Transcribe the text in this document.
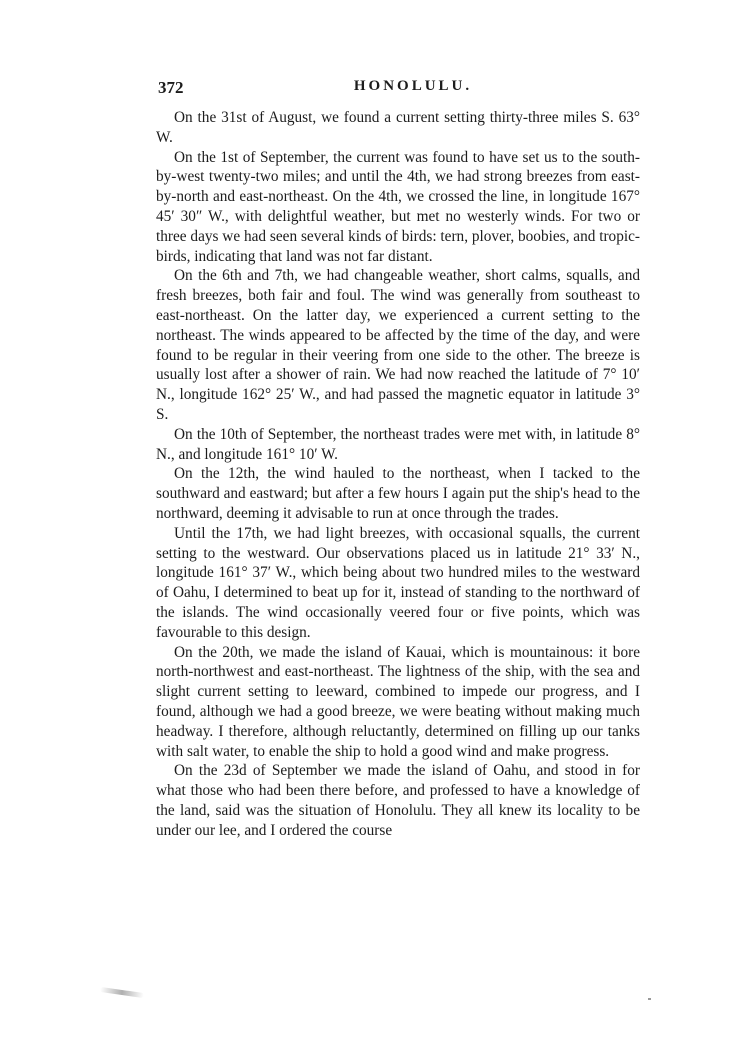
372	HONOLULU.

On the 31st of August, we found a current setting thirty-three miles S. 63° W.

On the 1st of September, the current was found to have set us to the south-by-west twenty-two miles; and until the 4th, we had strong breezes from east-by-north and east-northeast. On the 4th, we crossed the line, in longitude 167° 45′ 30″ W., with delightful weather, but met no westerly winds. For two or three days we had seen several kinds of birds: tern, plover, boobies, and tropic-birds, indicating that land was not far distant.

On the 6th and 7th, we had changeable weather, short calms, squalls, and fresh breezes, both fair and foul. The wind was generally from southeast to east-northeast. On the latter day, we experienced a current setting to the northeast. The winds appeared to be affected by the time of the day, and were found to be regular in their veering from one side to the other. The breeze is usually lost after a shower of rain. We had now reached the latitude of 7° 10′ N., longitude 162° 25′ W., and had passed the magnetic equator in latitude 3° S.

On the 10th of September, the northeast trades were met with, in latitude 8° N., and longitude 161° 10′ W.

On the 12th, the wind hauled to the northeast, when I tacked to the southward and eastward; but after a few hours I again put the ship's head to the northward, deeming it advisable to run at once through the trades.

Until the 17th, we had light breezes, with occasional squalls, the current setting to the westward. Our observations placed us in latitude 21° 33′ N., longitude 161° 37′ W., which being about two hundred miles to the westward of Oahu, I determined to beat up for it, instead of standing to the northward of the islands. The wind occasionally veered four or five points, which was favourable to this design.

On the 20th, we made the island of Kauai, which is mountainous: it bore north-northwest and east-northeast. The lightness of the ship, with the sea and slight current setting to leeward, combined to impede our progress, and I found, although we had a good breeze, we were beating without making much headway. I therefore, although reluctantly, determined on filling up our tanks with salt water, to enable the ship to hold a good wind and make progress.

On the 23d of September we made the island of Oahu, and stood in for what those who had been there before, and professed to have a knowledge of the land, said was the situation of Honolulu. They all knew its locality to be under our lee, and I ordered the course
